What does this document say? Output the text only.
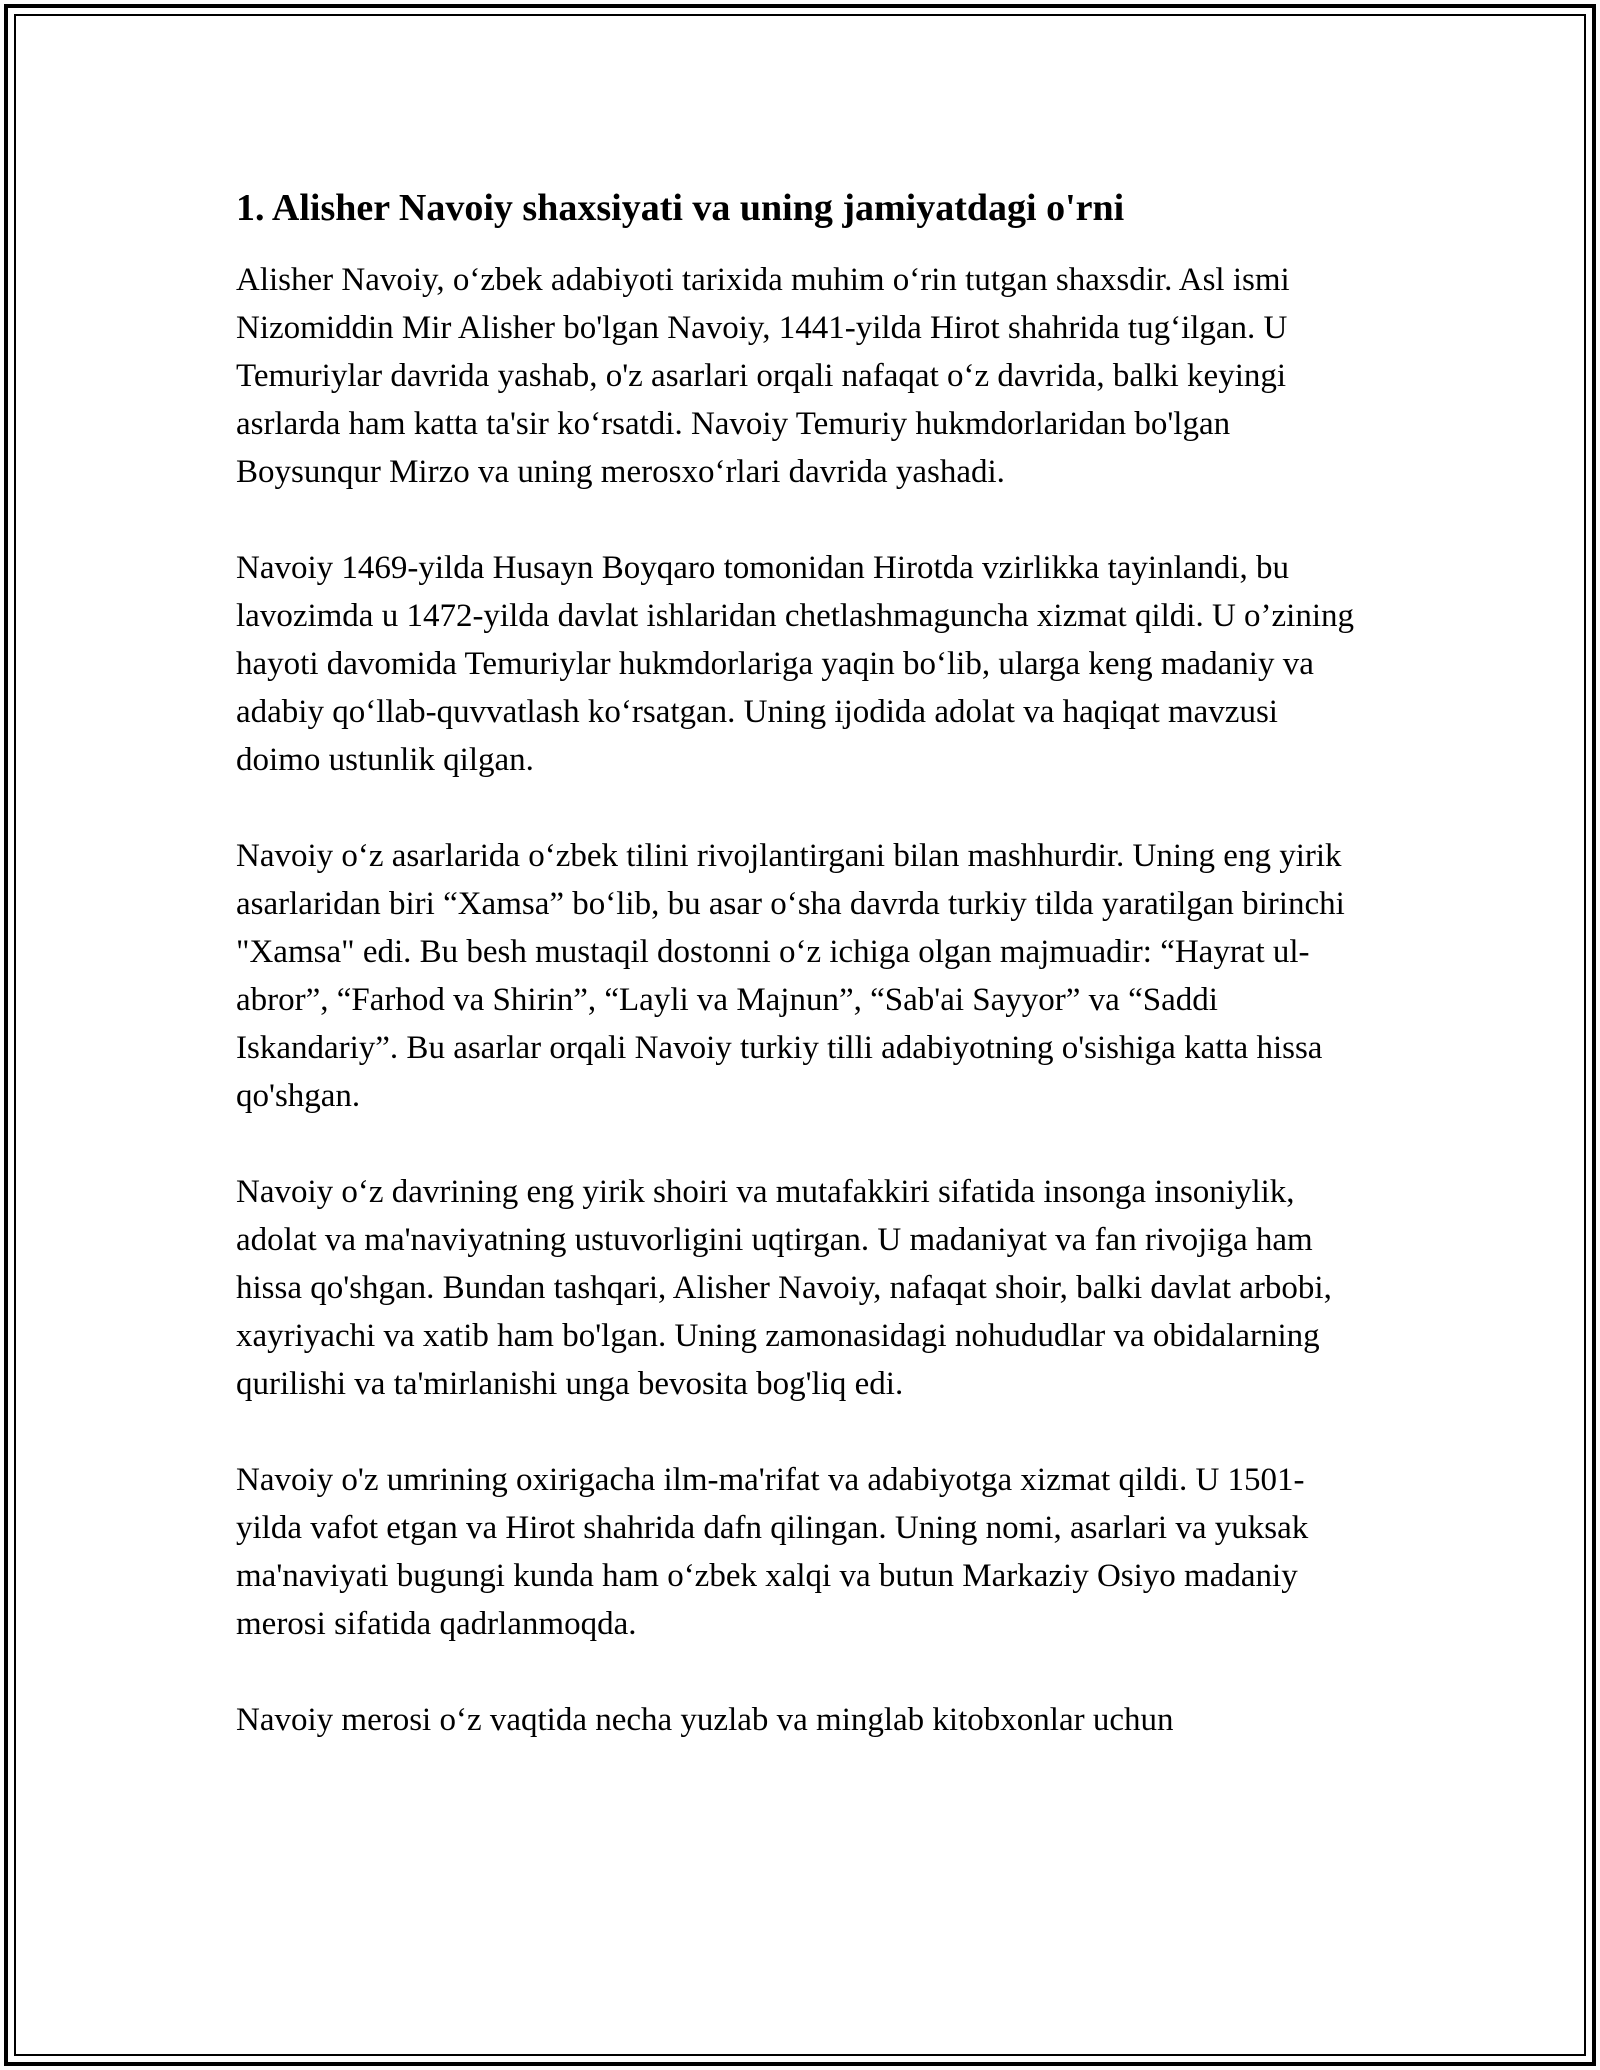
1. Alisher Navoiy shaxsiyati va uning jamiyatdagi o'rni

Alisher Navoiy, o‘zbek adabiyoti tarixida muhim o‘rin tutgan shaxsdir. Asl ismi Nizomiddin Mir Alisher bo'lgan Navoiy, 1441-yilda Hirot shahrida tug‘ilgan. U Temuriylar davrida yashab, o'z asarlari orqali nafaqat o‘z davrida, balki keyingi asrlarda ham katta ta'sir ko‘rsatdi. Navoiy Temuriy hukmdorlaridan bo'lgan Boysunqur Mirzo va uning merosxo‘rlari davrida yashadi.

Navoiy 1469-yilda Husayn Boyqaro tomonidan Hirotda vzirlikka tayinlandi, bu lavozimda u 1472-yilda davlat ishlaridan chetlashmaguncha xizmat qildi. U o’zining hayoti davomida Temuriylar hukmdorlariga yaqin bo‘lib, ularga keng madaniy va adabiy qo‘llab-quvvatlash ko‘rsatgan. Uning ijodida adolat va haqiqat mavzusi doimo ustunlik qilgan.

Navoiy o‘z asarlarida o‘zbek tilini rivojlantirgani bilan mashhurdir. Uning eng yirik asarlaridan biri “Xamsa” bo‘lib, bu asar o‘sha davrda turkiy tilda yaratilgan birinchi "Xamsa" edi. Bu besh mustaqil dostonni o‘z ichiga olgan majmuadir: “Hayrat ul-abror”, “Farhod va Shirin”, “Layli va Majnun”, “Sab'ai Sayyor” va “Saddi Iskandariy”. Bu asarlar orqali Navoiy turkiy tilli adabiyotning o'sishiga katta hissa qo'shgan.

Navoiy o‘z davrining eng yirik shoiri va mutafakkiri sifatida insonga insoniylik, adolat va ma'naviyatning ustuvorligini uqtirgan. U madaniyat va fan rivojiga ham hissa qo'shgan. Bundan tashqari, Alisher Navoiy, nafaqat shoir, balki davlat arbobi, xayriyachi va xatib ham bo'lgan. Uning zamonasidagi nohududlar va obidalarning qurilishi va ta'mirlanishi unga bevosita bog'liq edi.

Navoiy o'z umrining oxirigacha ilm-ma'rifat va adabiyotga xizmat qildi. U 1501-yilda vafot etgan va Hirot shahrida dafn qilingan. Uning nomi, asarlari va yuksak ma'naviyati bugungi kunda ham o‘zbek xalqi va butun Markaziy Osiyo madaniy merosi sifatida qadrlanmoqda.

Navoiy merosi o‘z vaqtida necha yuzlab va minglab kitobxonlar uchun
